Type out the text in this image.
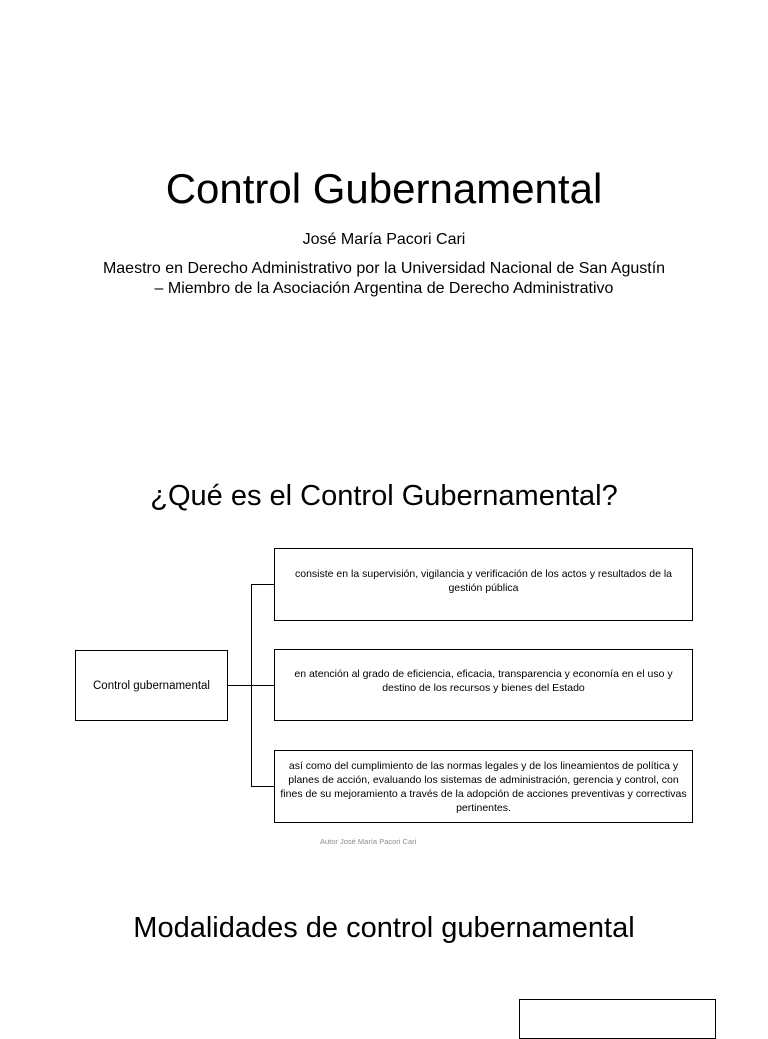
Control Gubernamental
José María Pacori Cari
Maestro en Derecho Administrativo por la Universidad Nacional de San Agustín – Miembro de la Asociación Argentina de Derecho Administrativo
¿Qué es el Control Gubernamental?
Control gubernamental
consiste en la supervisión, vigilancia y verificación de los actos y resultados de la gestión pública
en atención al grado de eficiencia, eficacia, transparencia y economía en el uso y destino de los recursos y bienes del Estado
así como del cumplimiento de las normas legales y de los lineamientos de política y planes de acción, evaluando los sistemas de administración, gerencia y control, con fines de su mejoramiento a través de la adopción de acciones preventivas y correctivas pertinentes.
Autor José María Pacori Cari
Modalidades de control gubernamental
